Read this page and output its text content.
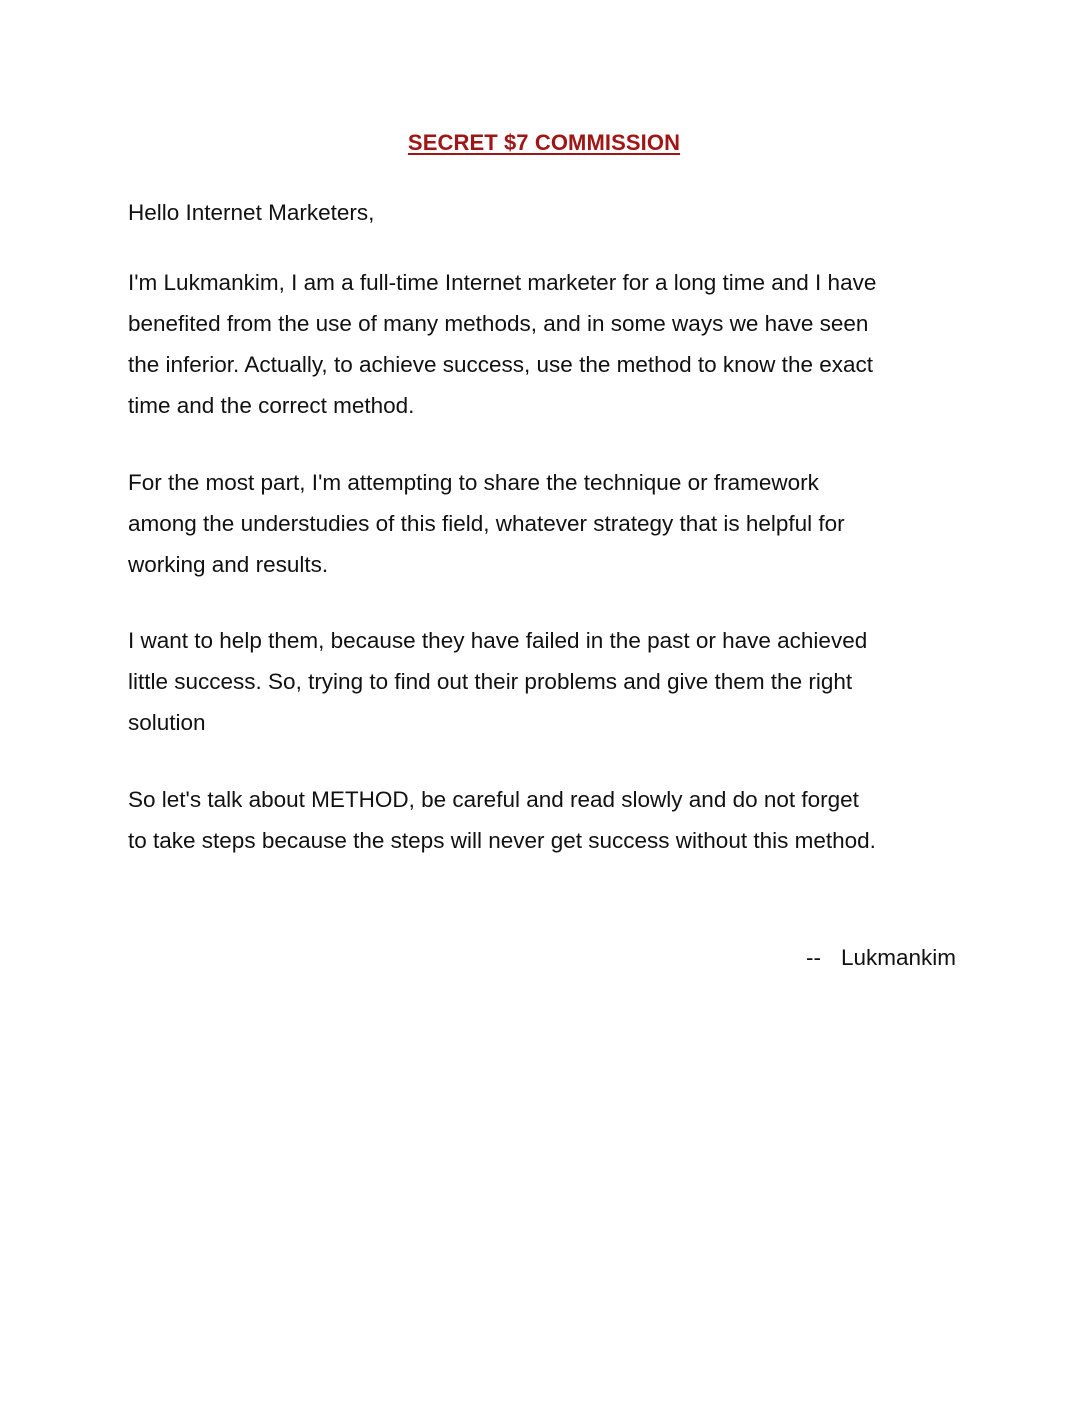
SECRET $7 COMMISSION

Hello Internet Marketers,

I'm Lukmankim, I am a full-time Internet marketer for a long time and I have
benefited from the use of many methods, and in some ways we have seen
the inferior. Actually, to achieve success, use the method to know the exact
time and the correct method.
For the most part, I'm attempting to share the technique or framework
among the understudies of this field, whatever strategy that is helpful for
working and results.
I want to help them, because they have failed in the past or have achieved
little success. So, trying to find out their problems and give them the right
solution
So let's talk about METHOD, be careful and read slowly and do not forget
to take steps because the steps will never get success without this method.

-- Lukmankim
